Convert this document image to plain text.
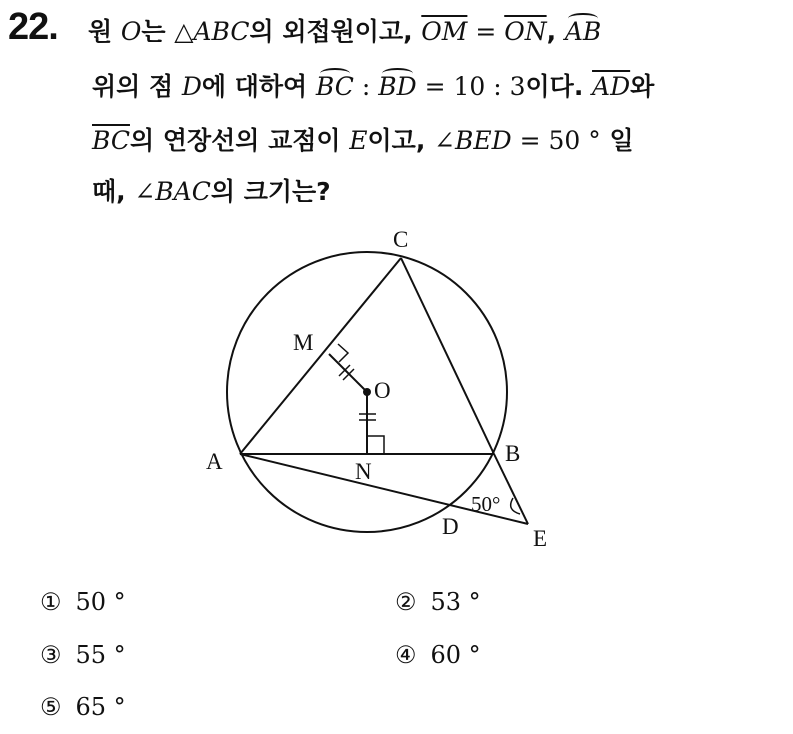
22. 원 O는 △ABC의 외접원이고, $\overline{OM} = \overline{ON}$, AB
위의 점 D에 대하여 BC : BD = 10 : 3이다. $\overline{AD}$와
$\overline{BC}$의 연장선의 교점이 E이고, ∠BED = 50 ° 일
때, ∠BAC의 크기는?
C
A	B
M
O
N
D	E
50°
① 50 °	② 53 °
③ 55 °	④ 60 °
⑤ 65 °
